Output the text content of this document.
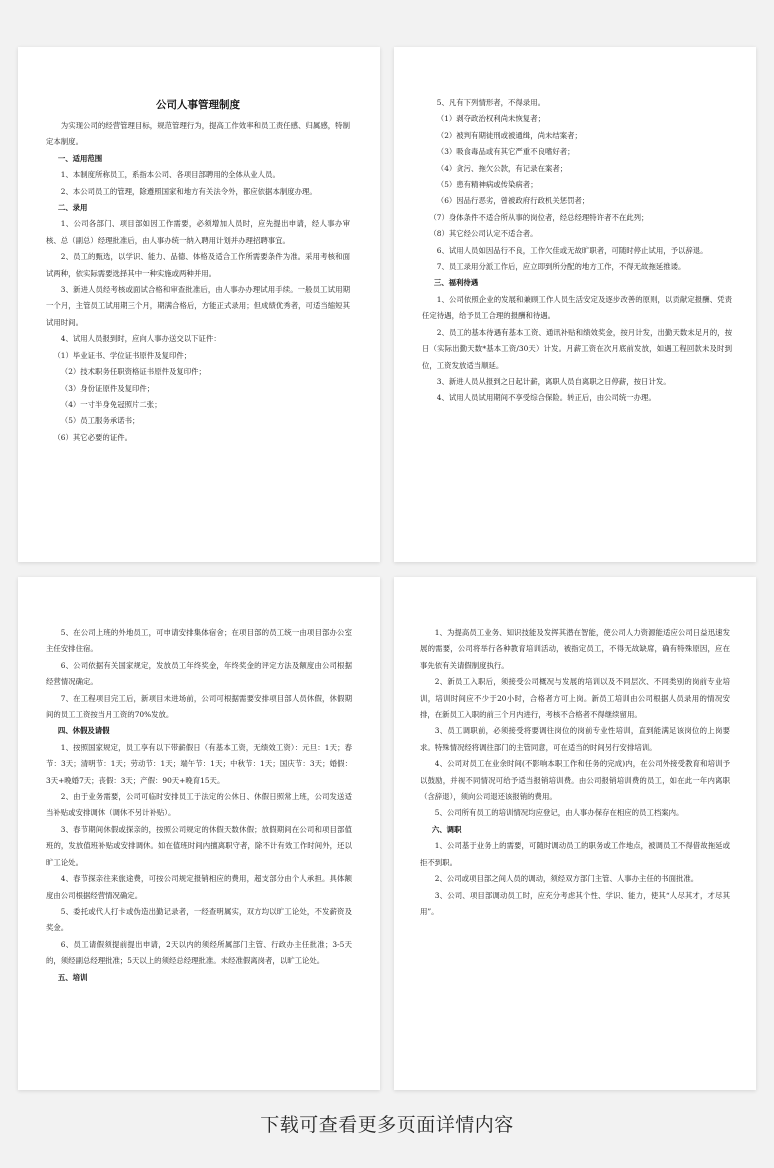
公司人事管理制度

为实现公司的经营管理目标，规范管理行为，提高工作效率和员工责任感、归属感，特制定本制度。

一、适用范围

1、本制度所称员工，系指本公司、各项目部聘用的全体从业人员。

2、本公司员工的管理，除遵照国家和地方有关法令外，都应依据本制度办理。

二、录用

1、公司各部门、项目部如因工作需要，必须增加人员时，应先提出申请，经人事办审核、总（副总）经理批准后，由人事办统一纳入聘用计划并办理招聘事宜。

2、员工的甄选，以学识、能力、品德、体格及适合工作所需要条件为准。采用考核和面试两种，依实际需要选择其中一种实施或两种并用。

3、新进人员经考核或面试合格和审查批准后，由人事办办理试用手续。一般员工试用期一个月，主管员工试用期三个月，期满合格后，方能正式录用；但成绩优秀者，可适当缩短其试用时间。

4、试用人员报到时，应向人事办送交以下证件：

（1）毕业证书、学位证书原件及复印件；

（2）技术职务任职资格证书原件及复印件；

（3）身份证原件及复印件；

（4）一寸半身免冠照片二张；

（5）员工服务承诺书；

（6）其它必要的证件。

5、凡有下列情形者，不得录用。

（1）剥夺政治权利尚未恢复者；

（2）被判有期徒刑或被通缉，尚未结案者；

（3）吸食毒品或有其它严重不良嗜好者；

（4）贪污、拖欠公款，有记录在案者；

（5）患有精神病或传染病者；

（6）因品行恶劣，曾被政府行政机关惩罚者；

（7）身体条件不适合所从事的岗位者，经总经理特许者不在此列；

（8）其它经公司认定不适合者。

6、试用人员如因品行不良，工作欠佳或无故旷职者，可随时停止试用，予以辞退。

7、员工录用分派工作后，应立即到所分配的地方工作，不得无故拖延推诿。

三、福利待遇

1、公司依照企业的发展和兼顾工作人员生活安定及逐步改善的原则，以贡献定报酬、凭责任定待遇，给予员工合理的报酬和待遇。

2、员工的基本待遇有基本工资、通讯补贴和绩效奖金，按月计发，出勤天数未足月的，按日（实际出勤天数*基本工资/30天）计发。月薪工资在次月底前发放，如遇工程回款未及时到位，工资发放适当顺延。

3、新进人员从报到之日起计薪，离职人员自离职之日停薪，按日计发。

4、试用人员试用期间不享受综合保险。转正后，由公司统一办理。

5、在公司上班的外地员工，可申请安排集体宿舍；在项目部的员工统一由项目部办公室主任安排住宿。

6、公司依据有关国家规定，发放员工年终奖金，年终奖金的评定方法及额度由公司根据经营情况确定。

7、在工程项目完工后，新项目未进场前，公司可根据需要安排项目部人员休假，休假期间的员工工资按当月工资的70%发放。

四、休假及请假

1、按照国家规定，员工享有以下带薪假日（有基本工资，无绩效工资）：元旦：1天；春节：3天；清明节：1天；劳动节：1天；端午节：1天；中秋节：1天；国庆节：3天；婚假：3天+晚婚7天；丧假：3天；产假：90天+晚育15天。

2、由于业务需要，公司可临时安排员工于法定的公休日、休假日照常上班，公司发送适当补贴或安排调休（调休不另计补贴）。

3、春节期间休假或探亲的，按照公司规定的休假天数休假；放假期间在公司和项目部值班的，发放值班补贴或安排调休。如在值班时间内擅离职守者，除不计有效工作时间外，还以旷工论处。

4、春节探亲往来旅途费，可按公司规定报销相应的费用，超支部分由个人承担。具体额度由公司根据经营情况确定。

5、委托或代人打卡或伪造出勤记录者，一经查明属实，双方均以旷工论处，不发薪资及奖金。

6、员工请假须提前提出申请，2天以内的须经所属部门主管、行政办主任批准；3-5天的，须经副总经理批准；5天以上的须经总经理批准。未经准假离岗者，以旷工论处。

五、培训

1、为提高员工业务、知识技能及发挥其潜在智能，使公司人力资源能适应公司日益迅速发展的需要，公司将举行各种教育培训活动，被指定员工，不得无故缺席，确有特殊原因，应在事先依有关请假制度执行。

2、新员工入职后，须接受公司概况与发展的培训以及不同层次、不同类别的岗前专业培训，培训时间应不少于20小时，合格者方可上岗。新员工培训由公司根据人员录用的情况安排，在新员工入职的前三个月内进行，考核不合格者不得继续留用。

3、员工调职前，必须接受将要调往岗位的岗前专业性培训，直到能满足该岗位的上岗要求。特殊情况经将调往部门的主管同意，可在适当的时间另行安排培训。

4、公司对员工在业余时间(不影响本职工作和任务的完成)内，在公司外接受教育和培训予以鼓励，并视不同情况可给予适当报销培训费。由公司报销培训费的员工，如在此一年内离职（含辞退），须向公司退还该报销的费用。

5、公司所有员工的培训情况均应登记，由人事办保存在相应的员工档案内。

六、调职

1、公司基于业务上的需要，可随时调动员工的职务或工作地点，被调员工不得借故拖延或拒不到职。

2、公司或项目部之间人员的调动，须经双方部门主管、人事办主任的书面批准。

3、公司、项目部调动员工时，应充分考虑其个性、学识、能力，使其“人尽其才，才尽其用”。

下载可查看更多页面详情内容
